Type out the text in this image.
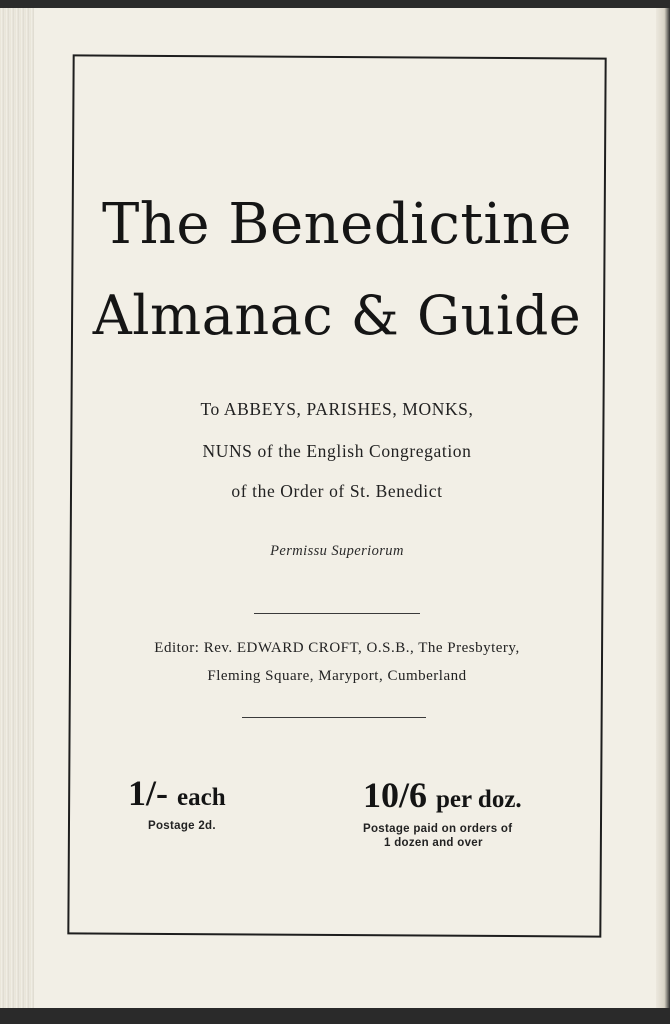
The Benedictine
Almanac & Guide
To ABBEYS, PARISHES, MONKS,
NUNS of the English Congregation
of the Order of St. Benedict
Permissu Superiorum
Editor: Rev. EDWARD CROFT, O.S.B., The Presbytery,
Fleming Square, Maryport, Cumberland
1/- each
Postage 2d.
10/6 per doz.
Postage paid on orders of
1 dozen and over
